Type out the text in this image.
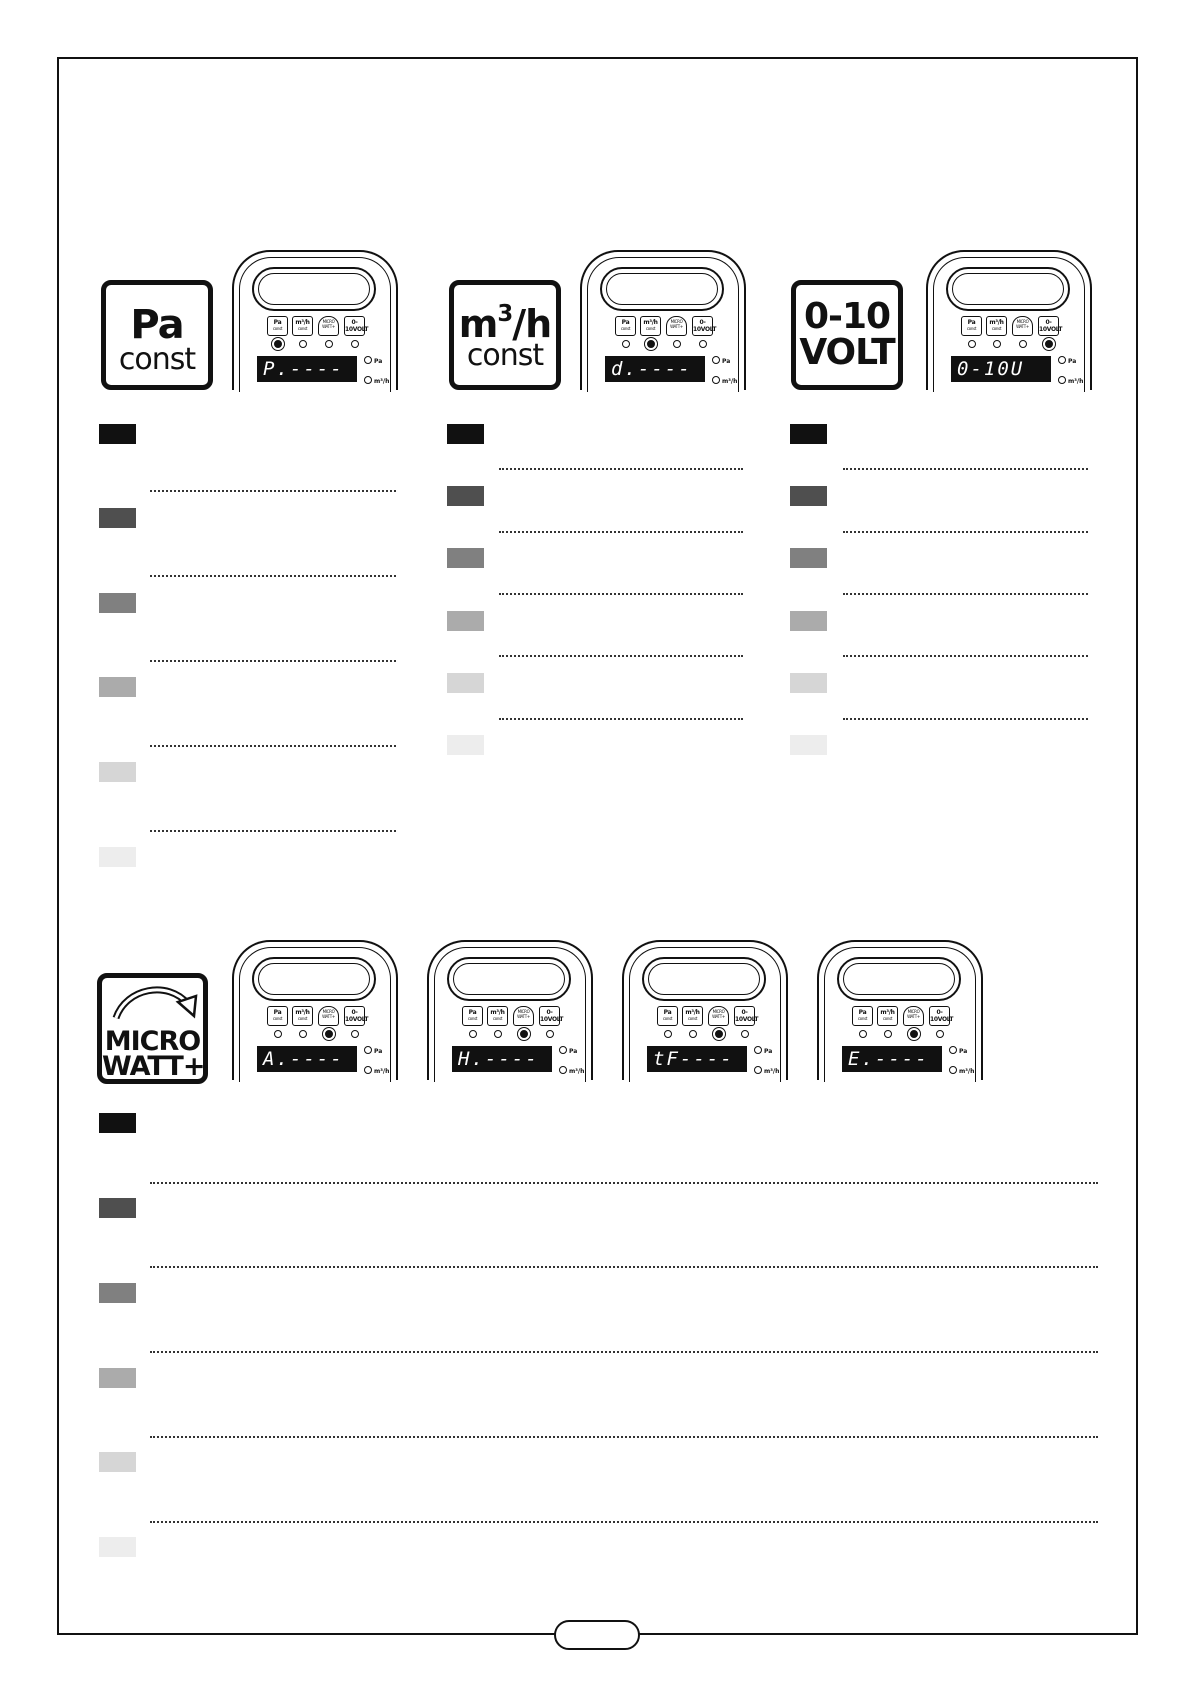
Pa
const
Pa
const
m³/h
const
MICRO
WATT+
0-10VOLT
P.----	Pa
m³/h
$m^3/h$
const
Pa
const
m³/h
const
MICRO
WATT+
0-10VOLT
d.----	Pa
m³/h
0-10
VOLT
Pa
const
m³/h
const
MICRO
WATT+
0-10VOLT
0-10U	Pa
m³/h
MICRO
WATT+
Pa
const
m³/h
const
MICRO
WATT+
0-10VOLT
A.----	Pa
m³/h
Pa
const
m³/h
const
MICRO
WATT+
0-10VOLT
H.----	Pa
m³/h
Pa
const
m³/h
const
MICRO
WATT+
0-10VOLT
tF----	Pa
m³/h
Pa
const
m³/h
const
MICRO
WATT+
0-10VOLT
E.----	Pa
m³/h
